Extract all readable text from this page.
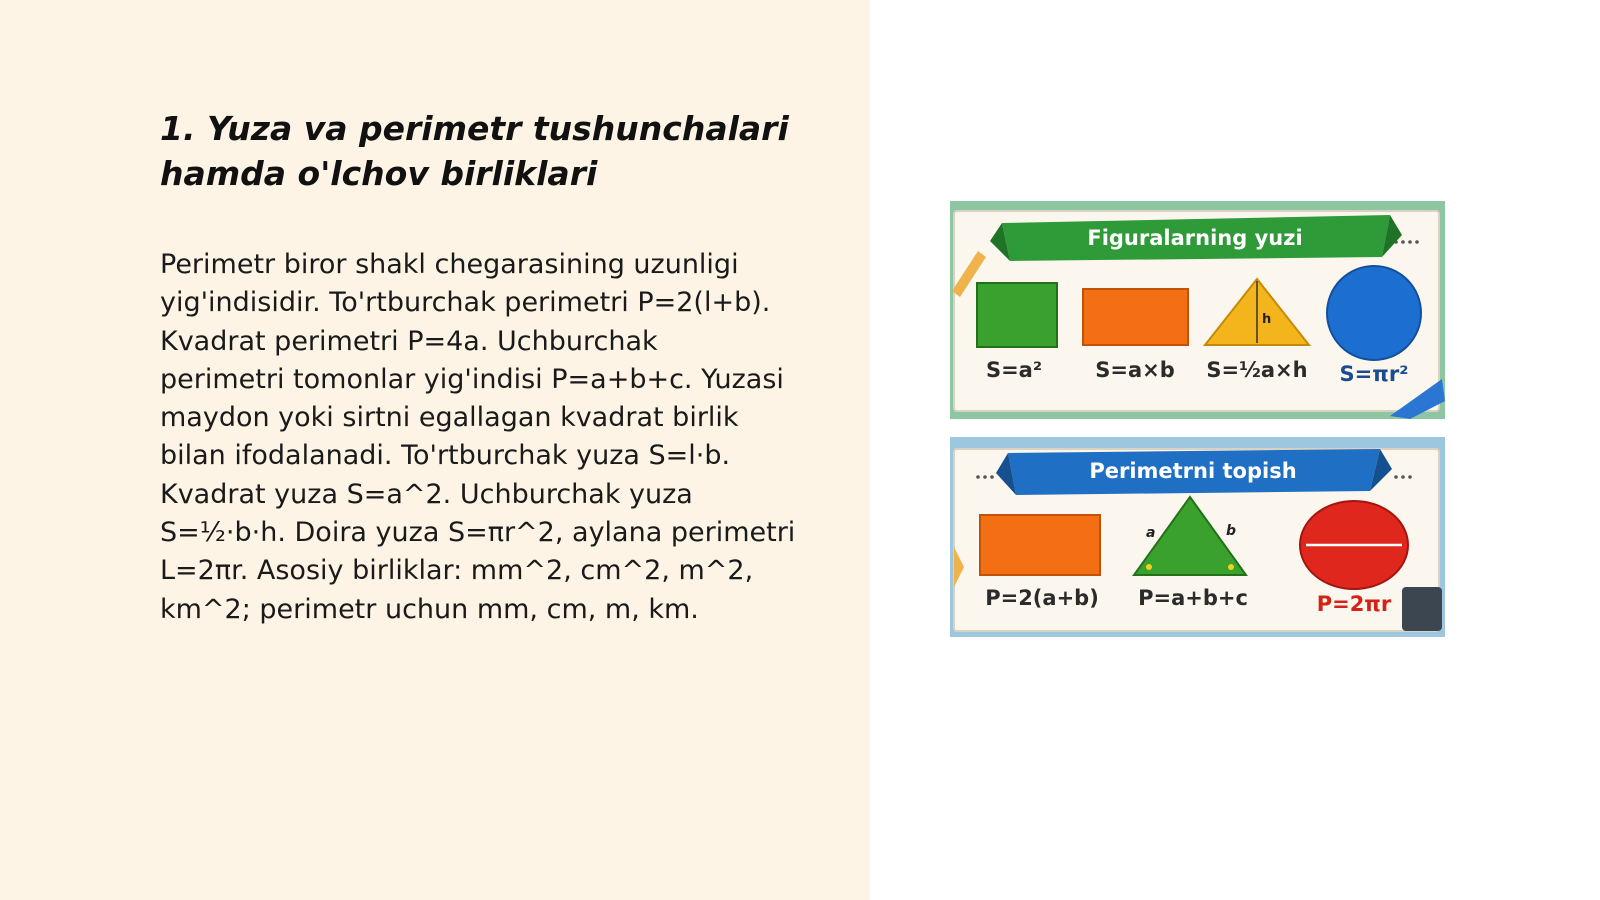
1. Yuza va perimetr tushunchalari
hamda o'lchov birliklari

Perimetr biror shakl chegarasining uzunligi
yig'indisidir. To'rtburchak perimetri P=2(l+b).
Kvadrat perimetri P=4a. Uchburchak
perimetri tomonlar yig'indisi P=a+b+c. Yuzasi
maydon yoki sirtni egallagan kvadrat birlik
bilan ifodalanadi. To'rtburchak yuza S=l·b.
Kvadrat yuza S=a^2. Uchburchak yuza
S=½·b·h. Doira yuza S=πr^2, aylana perimetri
L=2πr. Asosiy birliklar: mm^2, cm^2, m^2,
km^2; perimetr uchun mm, cm, m, km.

Figuralarning yuzi
h
S=a²	S=a×b S=½a×h S=πr²
Perimetrni topish
a	b
P=2(a+b) P=a+b+c	P=2πr
